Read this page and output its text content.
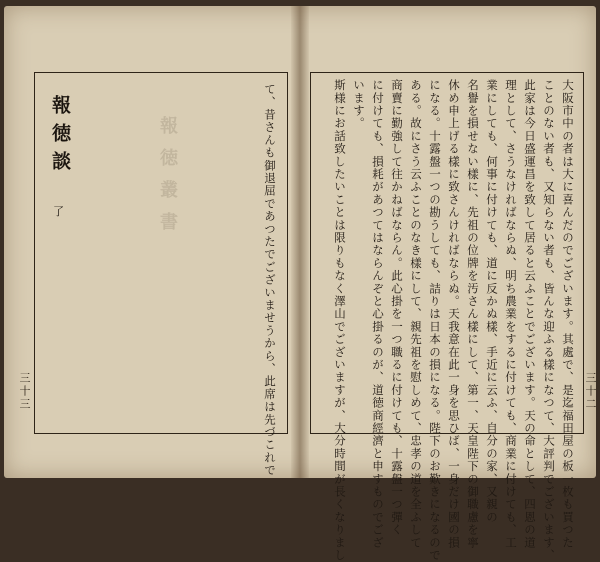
報徳叢書
報徳談
了	て、昔さんも御退屈であつたでございませうから、此席は先づこれで
三十三	大阪市中の者は大に喜んだのでございます。其處で、是迄福田屋の板一枚も買つた
ことのない者も、又知らない者も、皆んな迎ふる樣になつて、大評判でございます、
此家は今日盛運昌を致して居ると云ふことでございます。天の命として、四恩の道
理として、さうなければならぬ、明ち農業をするに付けても、商業に付けても、工
業にしても、何事に付けても、道に反かぬ樣、手近に云ふ、自分の家、又親の
名譽を損せない樣に、先祖の位牌を汚さん樣にして、第一、天皇陛下の御職慮を寧
休め申上げる樣に致さんければならぬ。天我意在此一身を思ひば、一身だけ國の損
になる。十露盤一つの勘うしても、詰りは日本の損になる。陛下のお歎きになるので
ある。故にさう云ふことのなき樣にして、親先祖を慰しめて、忠孝の道を全ふして
商賣に勤強して往かねばならん。此心掛を一つ職るに付けても、十露盤一つ彈く
に付けても、損耗があつてはならんぞと心掛るのが、道徳商經濟と申すものでござ
います。
斯様にお話致したいことは限りもなく澤山でございますが、大分時間が長くなりまし	三十二
